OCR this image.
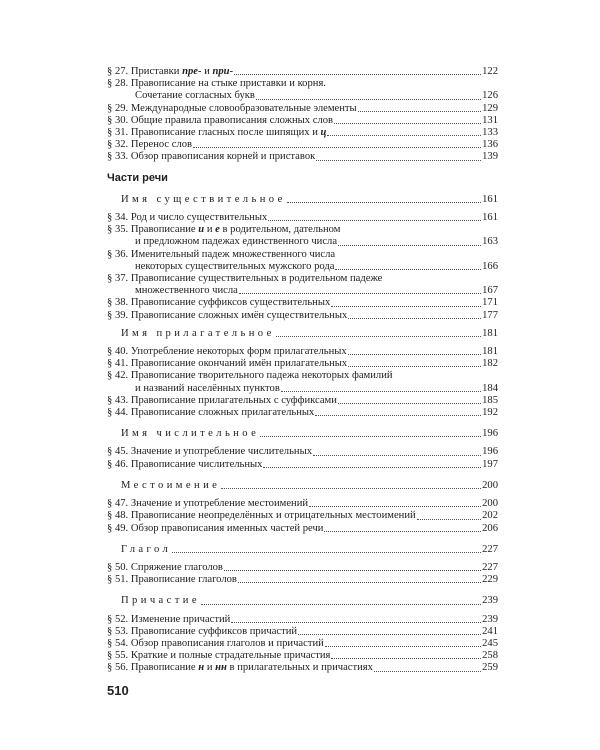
§ 27. Приставки пре- и при-	122
§ 28. Правописание на стыке приставки и корня.
Сочетание согласных букв	126
§ 29. Международные словообразовательные элементы	129
§ 30. Общие правила правописания сложных слов	131
§ 31. Правописание гласных после шипящих и ц	133
§ 32. Перенос слов	136
§ 33. Обзор правописания корней и приставок	139
Части речи
Имя существительное	161
§ 34. Род и число существительных	161
§ 35. Правописание и и е в родительном, дательном
и предложном падежах единственного числа	163
§ 36. Именительный падеж множественного числа
некоторых существительных мужского рода	166
§ 37. Правописание существительных в родительном падеже
множественного числа	167
§ 38. Правописание суффиксов существительных	171
§ 39. Правописание сложных имён существительных	177
Имя прилагательное	181
§ 40. Употребление некоторых форм прилагательных	181
§ 41. Правописание окончаний имён прилагательных	182
§ 42. Правописание творительного падежа некоторых фамилий
и названий населённых пунктов	184
§ 43. Правописание прилагательных с суффиксами	185
§ 44. Правописание сложных прилагательных	192
Имя числительное	196
§ 45. Значение и употребление числительных	196
§ 46. Правописание числительных	197
Местоимение	200
§ 47. Значение и употребление местоимений	200
§ 48. Правописание неопределённых и отрицательных местоимений	202
§ 49. Обзор правописания именных частей речи	206
Глагол	227
§ 50. Спряжение глаголов	227
§ 51. Правописание глаголов	229
Причастие	239
§ 52. Изменение причастий	239
§ 53. Правописание суффиксов причастий	241
§ 54. Обзор правописания глаголов и причастий	245
§ 55. Краткие и полные страдательные причастия	258
§ 56. Правописание н и нн в прилагательных и причастиях	259
510
